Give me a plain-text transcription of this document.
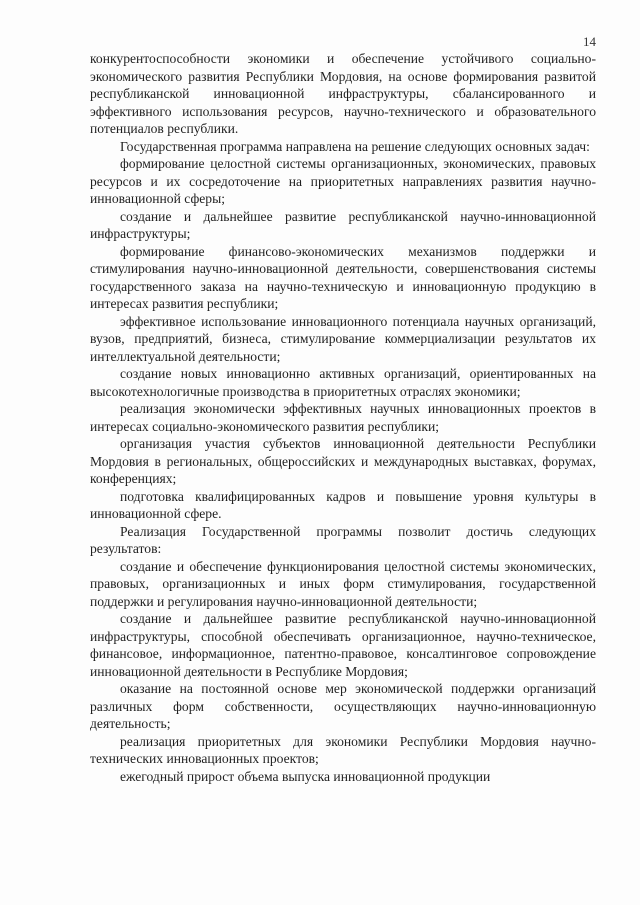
14

конкурентоспособности экономики и обеспечение устойчивого социально-экономического развития Республики Мордовия, на основе формирования развитой республиканской инновационной инфраструктуры, сбалансированного и эффективного использования ресурсов, научно-технического и образовательного потенциалов республики.

Государственная программа направлена на решение следующих основных задач:

формирование целостной системы организационных, экономических, правовых ресурсов и их сосредоточение на приоритетных направлениях развития научно-инновационной сферы;

создание и дальнейшее развитие республиканской научно-инновационной инфраструктуры;

формирование финансово-экономических механизмов поддержки и стимулирования научно-инновационной деятельности, совершенствования системы государственного заказа на научно-техническую и инновационную продукцию в интересах развития республики;

эффективное использование инновационного потенциала научных организаций, вузов, предприятий, бизнеса, стимулирование коммерциализации результатов их интеллектуальной деятельности;

создание новых инновационно активных организаций, ориентированных на высокотехнологичные производства в приоритетных отраслях экономики;

реализация экономически эффективных научных инновационных проектов в интересах социально-экономического развития республики;

организация участия субъектов инновационной деятельности Республики Мордовия в региональных, общероссийских и международных выставках, форумах, конференциях;

подготовка квалифицированных кадров и повышение уровня культуры в инновационной сфере.

Реализация Государственной программы позволит достичь следующих результатов:

создание и обеспечение функционирования целостной системы экономических, правовых, организационных и иных форм стимулирования, государственной поддержки и регулирования научно-инновационной деятельности;

создание и дальнейшее развитие республиканской научно-инновационной инфраструктуры, способной обеспечивать организационное, научно-техническое, финансовое, информационное, патентно-правовое, консалтинговое сопровождение инновационной деятельности в Республике Мордовия;

оказание на постоянной основе мер экономической поддержки организаций различных форм собственности, осуществляющих научно-инновационную деятельность;

реализация приоритетных для экономики Республики Мордовия научно-технических инновационных проектов;

ежегодный прирост объема выпуска инновационной продукции
